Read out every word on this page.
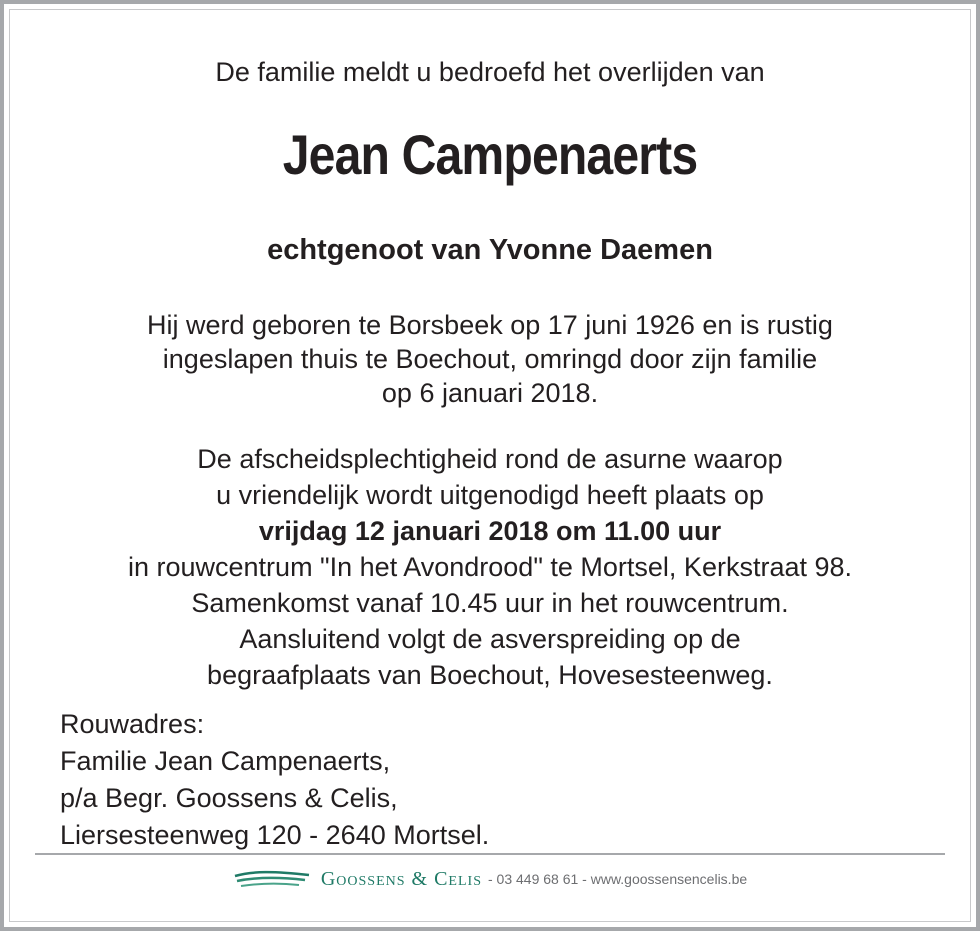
De familie meldt u bedroefd het overlijden van
Jean Campenaerts
echtgenoot van Yvonne Daemen
Hij werd geboren te Borsbeek op 17 juni 1926 en is rustig
ingeslapen thuis te Boechout, omringd door zijn familie
op 6 januari 2018.
De afscheidsplechtigheid rond de asurne waarop
u vriendelijk wordt uitgenodigd heeft plaats op
vrijdag 12 januari 2018 om 11.00 uur
in rouwcentrum "In het Avondrood" te Mortsel, Kerkstraat 98.
Samenkomst vanaf 10.45 uur in het rouwcentrum.
Aansluitend volgt de asverspreiding op de
begraafplaats van Boechout, Hovesesteenweg.
Rouwadres:
Familie Jean Campenaerts,
p/a Begr. Goossens & Celis,
Liersesteenweg 120 - 2640 Mortsel.
Goossens & Celis - 03 449 68 61 - www.goossensencelis.be
